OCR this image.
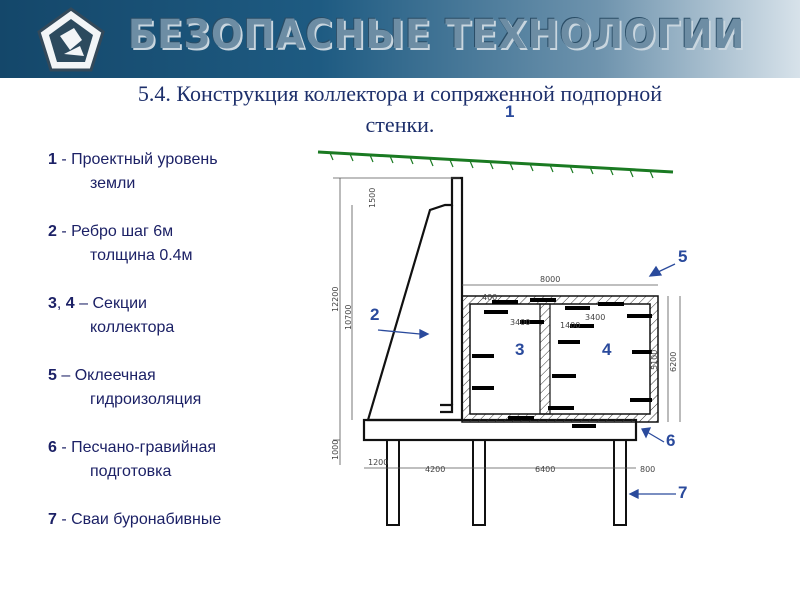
БЕЗОПАСНЫЕ ТЕХНОЛОГИИ
5.4. Конструкция коллектора и сопряженной подпорной
стенки.
1 - Проектный уровень
земли
2 - Ребро шаг 6м
толщина 0.4м
3, 4 – Секции
коллектора
5 – Оклеечная
гидроизоляция
6 - Песчано-гравийная
подготовка
7 - Сваи буронабивные
1500
12200
10700
1000
8000
3400	1400
3400
400
6200
5100
1200
4200	6400	800
1
2
3	4
5
6
7
